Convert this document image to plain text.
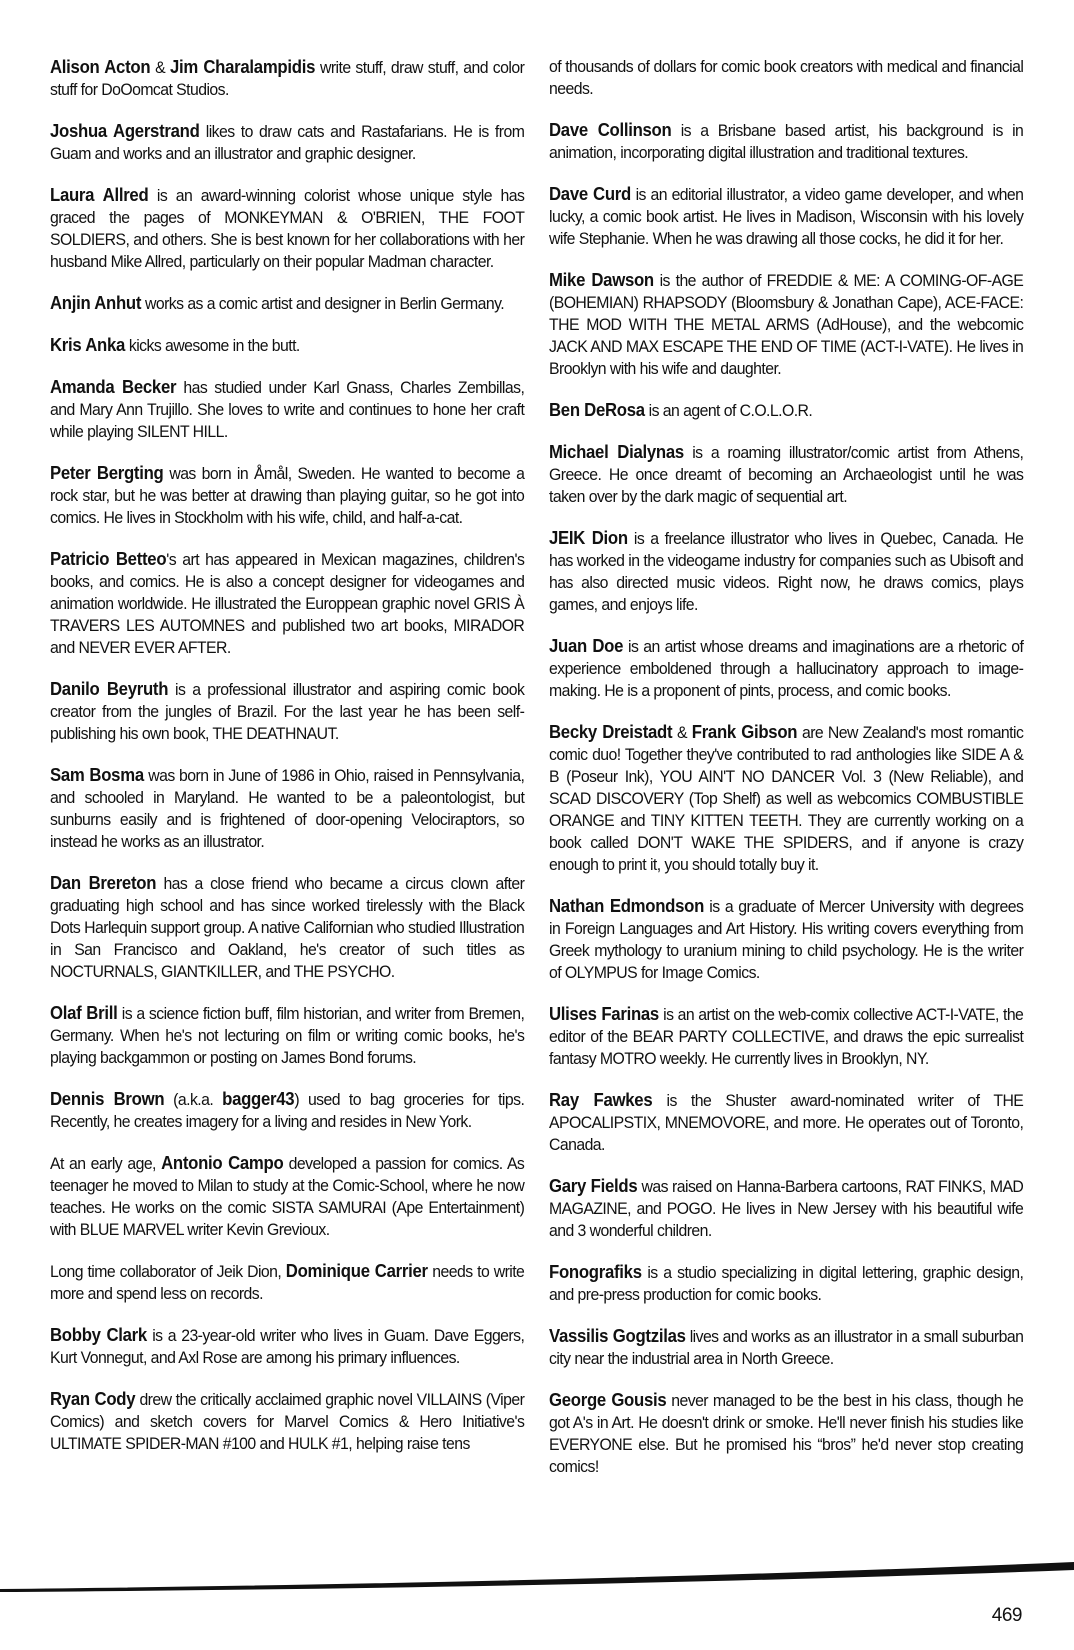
Alison Acton & Jim Charalampidis write stuff, draw stuff, and color stuff for DoOomcat Studios.

Joshua Agerstrand likes to draw cats and Rastafarians. He is from Guam and works and an illustrator and graphic designer.

Laura Allred is an award-winning colorist whose unique style has graced the pages of MONKEYMAN & O'BRIEN, THE FOOT SOLDIERS, and others. She is best known for her collaborations with her husband Mike Allred, particularly on their popular Madman character.

Anjin Anhut works as a comic artist and designer in Berlin Germany.

Kris Anka kicks awesome in the butt.

Amanda Becker has studied under Karl Gnass, Charles Zembillas, and Mary Ann Trujillo. She loves to write and continues to hone her craft while playing SILENT HILL.

Peter Bergting was born in Åmål, Sweden. He wanted to become a rock star, but he was better at drawing than playing guitar, so he got into comics. He lives in Stockholm with his wife, child, and half-a-cat.

Patricio Betteo's art has appeared in Mexican magazines, children's books, and comics. He is also a concept designer for videogames and animation worldwide. He illustrated the Europpean graphic novel GRIS À TRAVERS LES AUTOMNES and published two art books, MIRADOR and NEVER EVER AFTER.

Danilo Beyruth is a professional illustrator and aspiring comic book creator from the jungles of Brazil. For the last year he has been self-publishing his own book, THE DEATHNAUT.

Sam Bosma was born in June of 1986 in Ohio, raised in Pennsylvania, and schooled in Maryland. He wanted to be a paleontologist, but sunburns easily and is frightened of door-opening Velociraptors, so instead he works as an illustrator.

Dan Brereton has a close friend who became a circus clown after graduating high school and has since worked tirelessly with the Black Dots Harlequin support group. A native Californian who studied Illustration in San Francisco and Oakland, he's creator of such titles as NOCTURNALS, GIANTKILLER, and THE PSYCHO.

Olaf Brill is a science fiction buff, film historian, and writer from Bremen, Germany. When he's not lecturing on film or writing comic books, he's playing backgammon or posting on James Bond forums.

Dennis Brown (a.k.a. bagger43) used to bag groceries for tips. Recently, he creates imagery for a living and resides in New York.

At an early age, Antonio Campo developed a passion for comics. As teenager he moved to Milan to study at the Comic-School, where he now teaches. He works on the comic SISTA SAMURAI (Ape Entertainment) with BLUE MARVEL writer Kevin Grevioux.

Long time collaborator of Jeik Dion, Dominique Carrier needs to write more and spend less on records.

Bobby Clark is a 23-year-old writer who lives in Guam. Dave Eggers, Kurt Vonnegut, and Axl Rose are among his primary influences.

Ryan Cody drew the critically acclaimed graphic novel VILLAINS (Viper Comics) and sketch covers for Marvel Comics & Hero Initiative's ULTIMATE SPIDER-MAN #100 and HULK #1, helping raise tens

of thousands of dollars for comic book creators with medical and financial needs.

Dave Collinson is a Brisbane based artist, his background is in animation, incorporating digital illustration and traditional textures.

Dave Curd is an editorial illustrator, a video game developer, and when lucky, a comic book artist. He lives in Madison, Wisconsin with his lovely wife Stephanie. When he was drawing all those cocks, he did it for her.

Mike Dawson is the author of FREDDIE & ME: A COMING-OF-AGE (BOHEMIAN) RHAPSODY (Bloomsbury & Jonathan Cape), ACE-FACE: THE MOD WITH THE METAL ARMS (AdHouse), and the webcomic JACK AND MAX ESCAPE THE END OF TIME (ACT-I-VATE). He lives in Brooklyn with his wife and daughter.

Ben DeRosa is an agent of C.O.L.O.R.

Michael Dialynas is a roaming illustrator/comic artist from Athens, Greece. He once dreamt of becoming an Archaeologist until he was taken over by the dark magic of sequential art.

JEIK Dion is a freelance illustrator who lives in Quebec, Canada. He has worked in the videogame industry for companies such as Ubisoft and has also directed music videos. Right now, he draws comics, plays games, and enjoys life.

Juan Doe is an artist whose dreams and imaginations are a rhetoric of experience emboldened through a hallucinatory approach to image-making. He is a proponent of pints, process, and comic books.

Becky Dreistadt & Frank Gibson are New Zealand's most romantic comic duo! Together they've contributed to rad anthologies like SIDE A & B (Poseur Ink), YOU AIN'T NO DANCER Vol. 3 (New Reliable), and SCAD DISCOVERY (Top Shelf) as well as webcomics COMBUSTIBLE ORANGE and TINY KITTEN TEETH. They are currently working on a book called DON'T WAKE THE SPIDERS, and if anyone is crazy enough to print it, you should totally buy it.

Nathan Edmondson is a graduate of Mercer University with degrees in Foreign Languages and Art History. His writing covers everything from Greek mythology to uranium mining to child psychology. He is the writer of OLYMPUS for Image Comics.

Ulises Farinas is an artist on the web-comix collective ACT-I-VATE, the editor of the BEAR PARTY COLLECTIVE, and draws the epic surrealist fantasy MOTRO weekly. He currently lives in Brooklyn, NY.

Ray Fawkes is the Shuster award-nominated writer of THE APOCALIPSTIX, MNEMOVORE, and more. He operates out of Toronto, Canada.

Gary Fields was raised on Hanna-Barbera cartoons, RAT FINKS, MAD MAGAZINE, and POGO. He lives in New Jersey with his beautiful wife and 3 wonderful children.

Fonografiks is a studio specializing in digital lettering, graphic design, and pre-press production for comic books.

Vassilis Gogtzilas lives and works as an illustrator in a small suburban city near the industrial area in North Greece.

George Gousis never managed to be the best in his class, though he got A's in Art. He doesn't drink or smoke. He'll never finish his studies like EVERYONE else. But he promised his “bros” he'd never stop creating comics!

469
